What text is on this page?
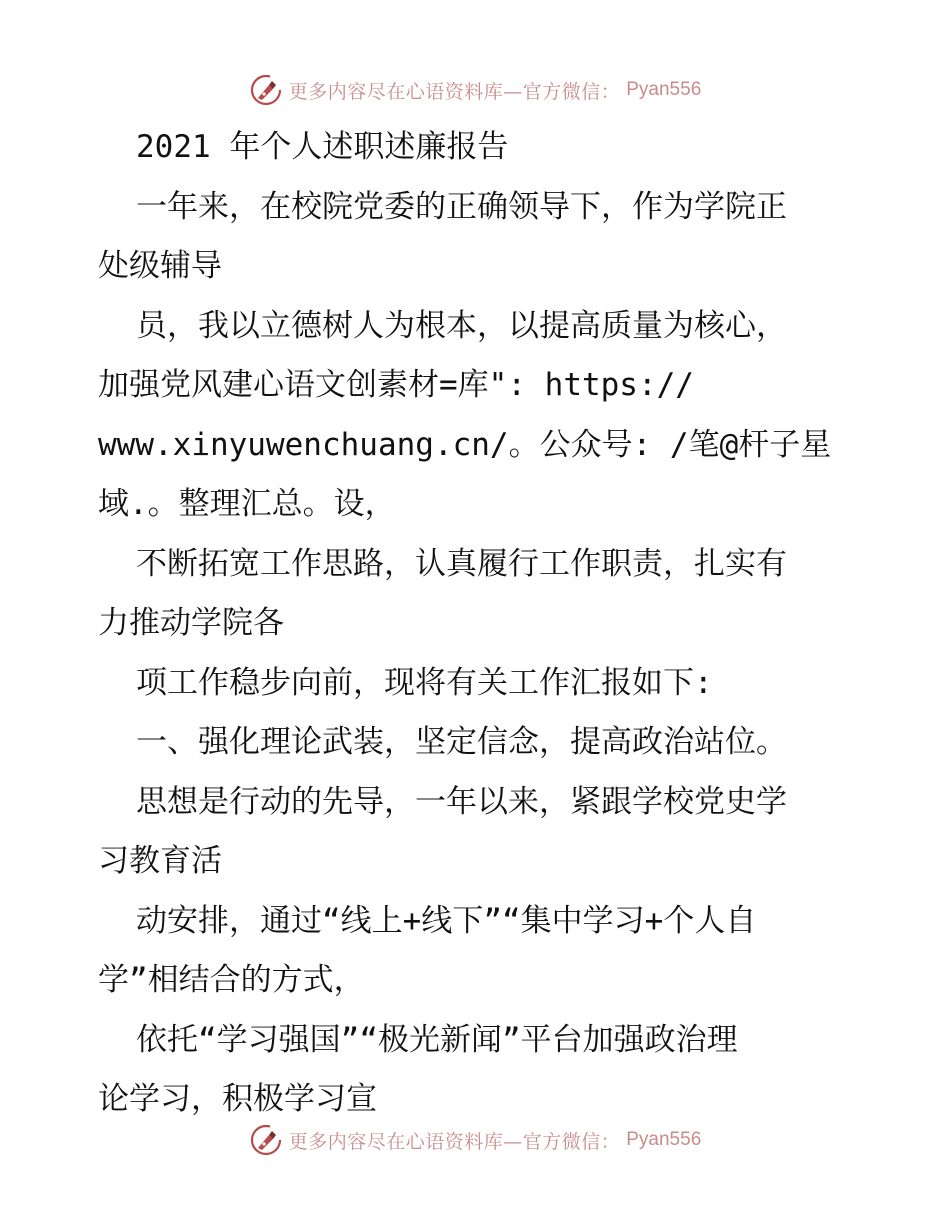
更多内容尽在心语资料库—官方微信： Pyan556
2021 年个人述职述廉报告
一年来，在校院党委的正确领导下，作为学院正
处级辅导
员，我以立德树人为根本，以提高质量为核心，
加强党风建心语文创素材=库": https://
www.xinyuwenchuang.cn/。公众号: /笔@杆子星
域.。整理汇总。设，
不断拓宽工作思路，认真履行工作职责，扎实有
力推动学院各
项工作稳步向前，现将有关工作汇报如下:
一、强化理论武装，坚定信念，提高政治站位。
思想是行动的先导，一年以来，紧跟学校党史学
习教育活
动安排，通过“线上+线下”“集中学习+个人自
学”相结合的方式，
依托“学习强国”“极光新闻”平台加强政治理
论学习，积极学习宣
更多内容尽在心语资料库—官方微信： Pyan556
